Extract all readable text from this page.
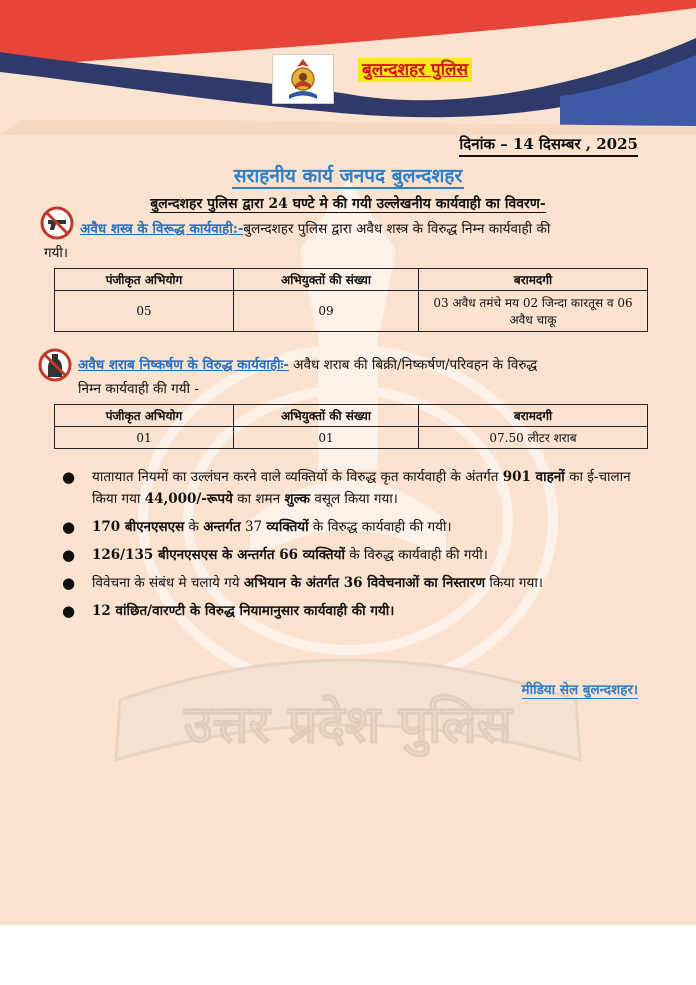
उत्तर प्रदेश पुलिस
बुलन्दशहर पुलिस
दिनांक – 14 दिसम्बर , 2025
सराहनीय कार्य जनपद बुलन्दशहर
बुलन्दशहर पुलिस द्वारा 24 घण्टे मे की गयी उल्लेखनीय कार्यवाही का विवरण-
अवैध शस्त्र के विरूद्ध कार्यवाही:-बुलन्दशहर पुलिस द्वारा अवैध शस्त्र के विरुद्ध निम्न कार्यवाही की
गयी।
पंजीकृत अभियोग	अभियुक्तों की संख्या	बरामदगी
05	09	03 अवैध तमंचे मय 02 जिन्दा कारतूस व 06
अवैध चाकू
अवैध शराब निष्कर्षण के विरुद्ध कार्यवाहीः- अवैध शराब की बिक्री/निष्कर्षण/परिवहन के विरुद्ध
निम्न कार्यवाही की गयी -
पंजीकृत अभियोग	अभियुक्तों की संख्या	बरामदगी
01	01	07.50 लीटर शराब
● यातायात नियमों का उल्लंघन करने वाले व्यक्तियों के विरुद्ध कृत कार्यवाही के अंतर्गत 901 वाहनों का ई-चालान किया गया 44,000/-रूपये का शमन शुल्क वसूल किया गया।
● 170 बीएनएसएस के अन्तर्गत 37 व्यक्तियों के विरुद्ध कार्यवाही की गयी।
● 126/135 बीएनएसएस के अन्तर्गत 66 व्यक्तियों के विरुद्ध कार्यवाही की गयी।
● विवेचना के संबंध मे चलाये गये अभियान के अंतर्गत 36 विवेचनाओं का निस्तारण किया गया।
● 12 वांछित/वारण्टी के विरुद्ध नियामानुसार कार्यवाही की गयी।
मीडिया सेल बुलन्दशहर।
